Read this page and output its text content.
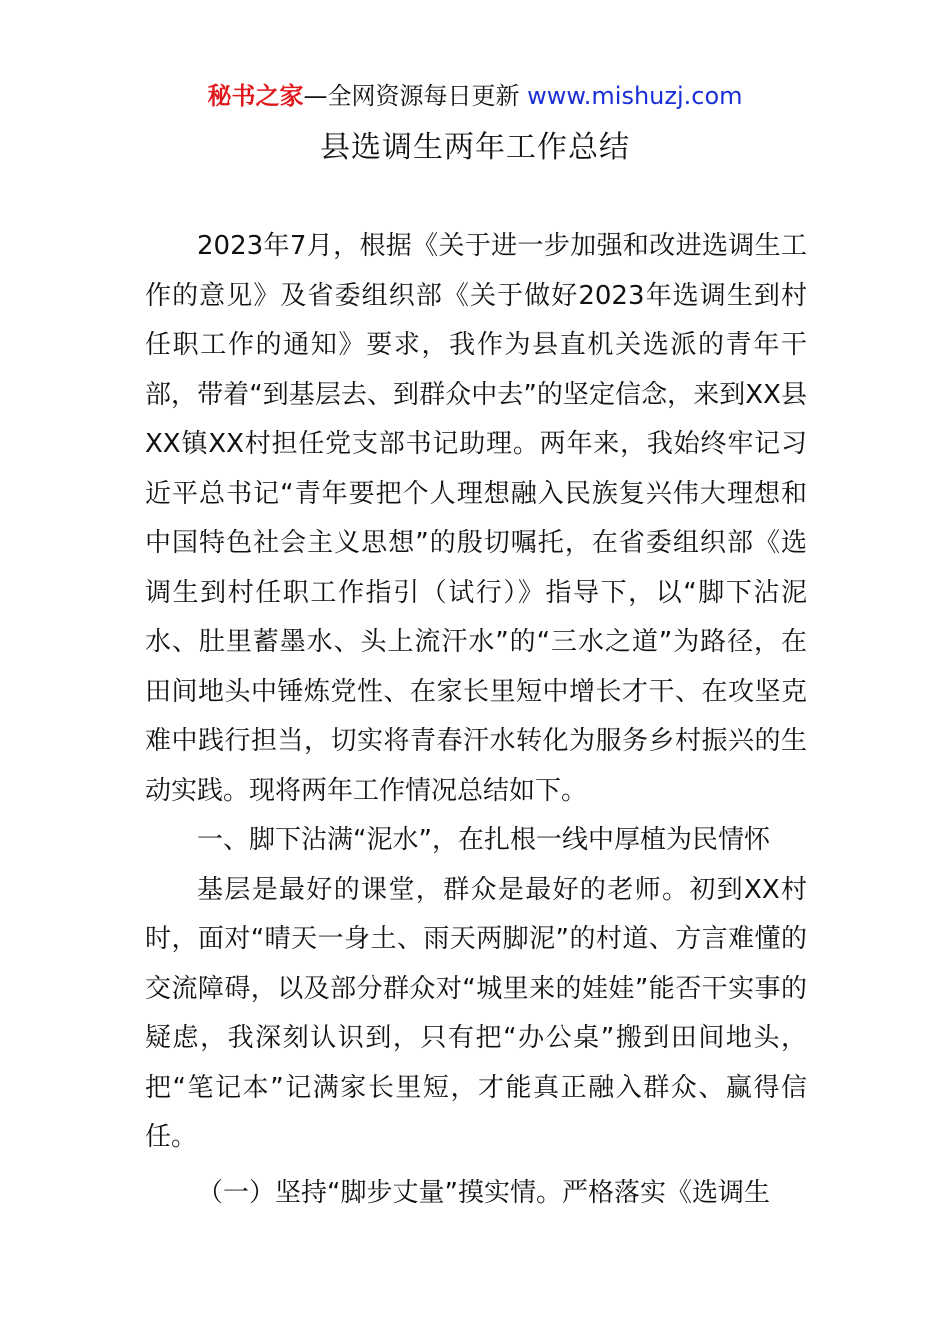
秘书之家—全网资源每日更新 www.mishuzj.com
县选调生两年工作总结

2023年7月，根据《关于进一步加强和改进选调生工作的意见》及省委组织部《关于做好2023年选调生到村任职工作的通知》要求，我作为县直机关选派的青年干部，带着“到基层去、到群众中去”的坚定信念，来到XX县XX镇XX村担任党支部书记助理。两年来，我始终牢记习近平总书记“青年要把个人理想融入民族复兴伟大理想和中国特色社会主义思想”的殷切嘱托，在省委组织部《选调生到村任职工作指引（试行）》指导下，以“脚下沾泥水、肚里蓄墨水、头上流汗水”的“三水之道”为路径，在田间地头中锤炼党性、在家长里短中增长才干、在攻坚克难中践行担当，切实将青春汗水转化为服务乡村振兴的生动实践。现将两年工作情况总结如下。

一、脚下沾满“泥水”，在扎根一线中厚植为民情怀

基层是最好的课堂，群众是最好的老师。初到XX村时，面对“晴天一身土、雨天两脚泥”的村道、方言难懂的交流障碍，以及部分群众对“城里来的娃娃”能否干实事的疑虑，我深刻认识到，只有把“办公桌”搬到田间地头，把“笔记本”记满家长里短，才能真正融入群众、赢得信任。

（一）坚持“脚步丈量”摸实情。严格落实《选调生
